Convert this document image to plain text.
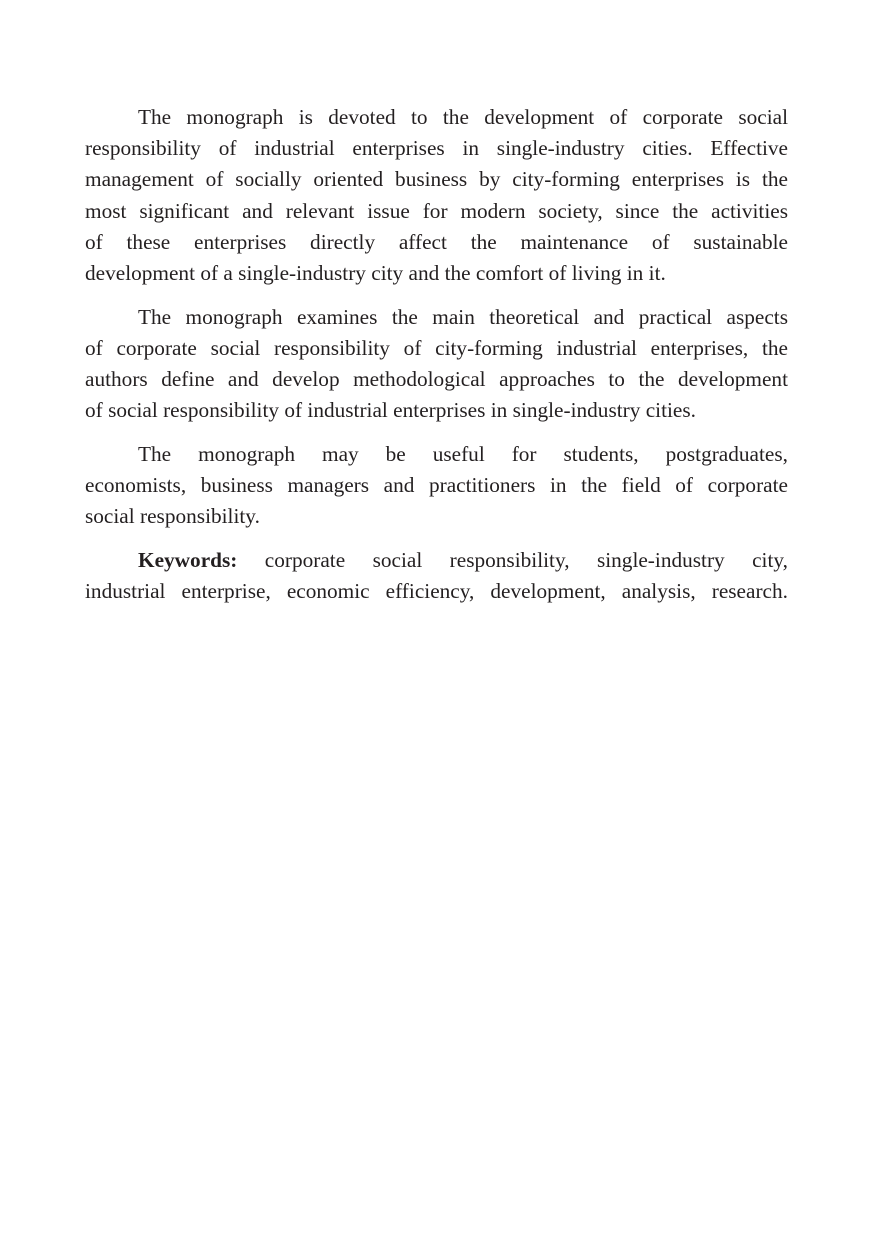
The monograph is devoted to the development of corporate social
responsibility of industrial enterprises in single-industry cities. Effective
management of socially oriented business by city-forming enterprises is the
most significant and relevant issue for modern society, since the activities
of these enterprises directly affect the maintenance of sustainable
development of a single-industry city and the comfort of living in it.
The monograph examines the main theoretical and practical aspects
of corporate social responsibility of city-forming industrial enterprises, the
authors define and develop methodological approaches to the development
of social responsibility of industrial enterprises in single-industry cities.
The monograph may be useful for students, postgraduates,
economists, business managers and practitioners in the field of corporate
social responsibility.
Keywords: corporate social responsibility, single-industry city,
industrial enterprise, economic efficiency, development, analysis, research.
